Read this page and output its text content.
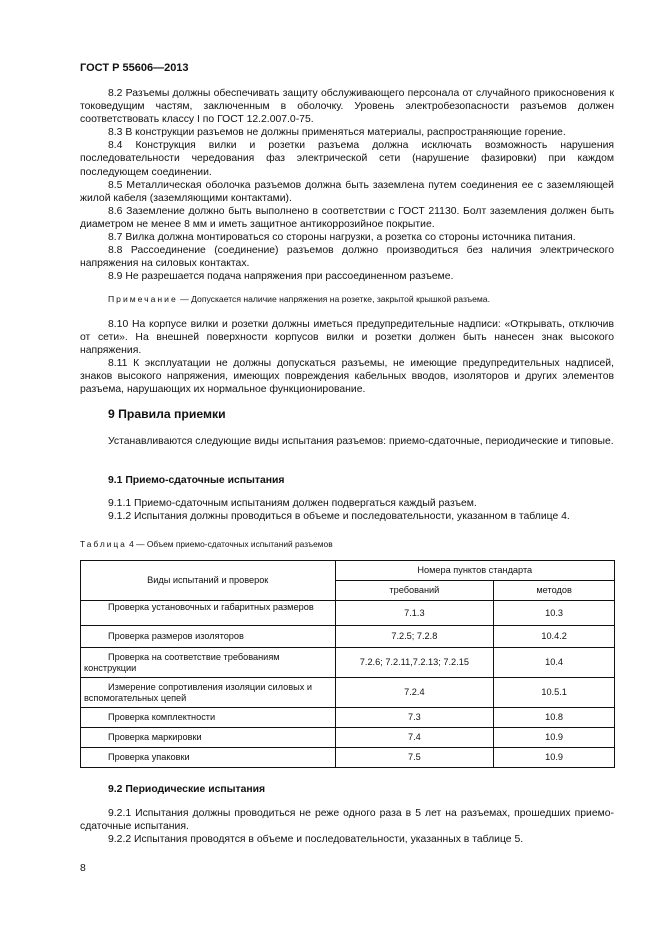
ГОСТ Р 55606—2013

8.2 Разъемы должны обеспечивать защиту обслуживающего персонала от случайного прикосновения к токоведущим частям, заключенным в оболочку. Уровень электробезопасности разъемов должен соответствовать классу I по ГОСТ 12.2.007.0-75.

8.3 В конструкции разъемов не должны применяться материалы, распространяющие горение.

8.4 Конструкция вилки и розетки разъема должна исключать возможность нарушения последовательности чередования фаз электрической сети (нарушение фазировки) при каждом последующем соединении.

8.5 Металлическая оболочка разъемов должна быть заземлена путем соединения ее с заземляющей жилой кабеля (заземляющими контактами).

8.6 Заземление должно быть выполнено в соответствии с ГОСТ 21130. Болт заземления должен быть диаметром не менее 8 мм и иметь защитное антикоррозийное покрытие.

8.7 Вилка должна монтироваться со стороны нагрузки, а розетка со стороны источника питания.

8.8 Рассоединение (соединение) разъемов должно производиться без наличия электрического напряжения на силовых контактах.

8.9 Не разрешается подача напряжения при рассоединенном разъеме.

Примечание — Допускается наличие напряжения на розетке, закрытой крышкой разъема.

8.10 На корпусе вилки и розетки должны иметься предупредительные надписи: «Открывать, отключив от сети». На внешней поверхности корпусов вилки и розетки должен быть нанесен знак высокого напряжения.

8.11 К эксплуатации не должны допускаться разъемы, не имеющие предупредительных надписей, знаков высокого напряжения, имеющих повреждения кабельных вводов, изоляторов и других элементов разъема, нарушающих их нормальное функционирование.

9 Правила приемки

Устанавливаются следующие виды испытания разъемов: приемо-сдаточные, периодические и типовые.

9.1 Приемо-сдаточные испытания

9.1.1 Приемо-сдаточным испытаниям должен подвергаться каждый разъем.

9.1.2 Испытания должны проводиться в объеме и последовательности, указанном в таблице 4.

Таблица 4 — Объем приемо-сдаточных испытаний разъемов
Виды испытаний и проверок	Номера пунктов стандарта	
	требований	методов
Проверка установочных и габаритных размеров	7.1.3	10.3
Проверка размеров изоляторов	7.2.5; 7.2.8	10.4.2
Проверка на соответствие требованиям конструкции	7.2.6; 7.2.11,7.2.13; 7.2.15	10.4
Измерение сопротивления изоляции силовых и вспомогательных цепей	7.2.4	10.5.1
Проверка комплектности	7.3	10.8
Проверка маркировки	7.4	10.9
Проверка упаковки	7.5	10.9
9.2 Периодические испытания

9.2.1 Испытания должны проводиться не реже одного раза в 5 лет на разъемах, прошедших приемо-сдаточные испытания.

9.2.2 Испытания проводятся в объеме и последовательности, указанных в таблице 5.

8
